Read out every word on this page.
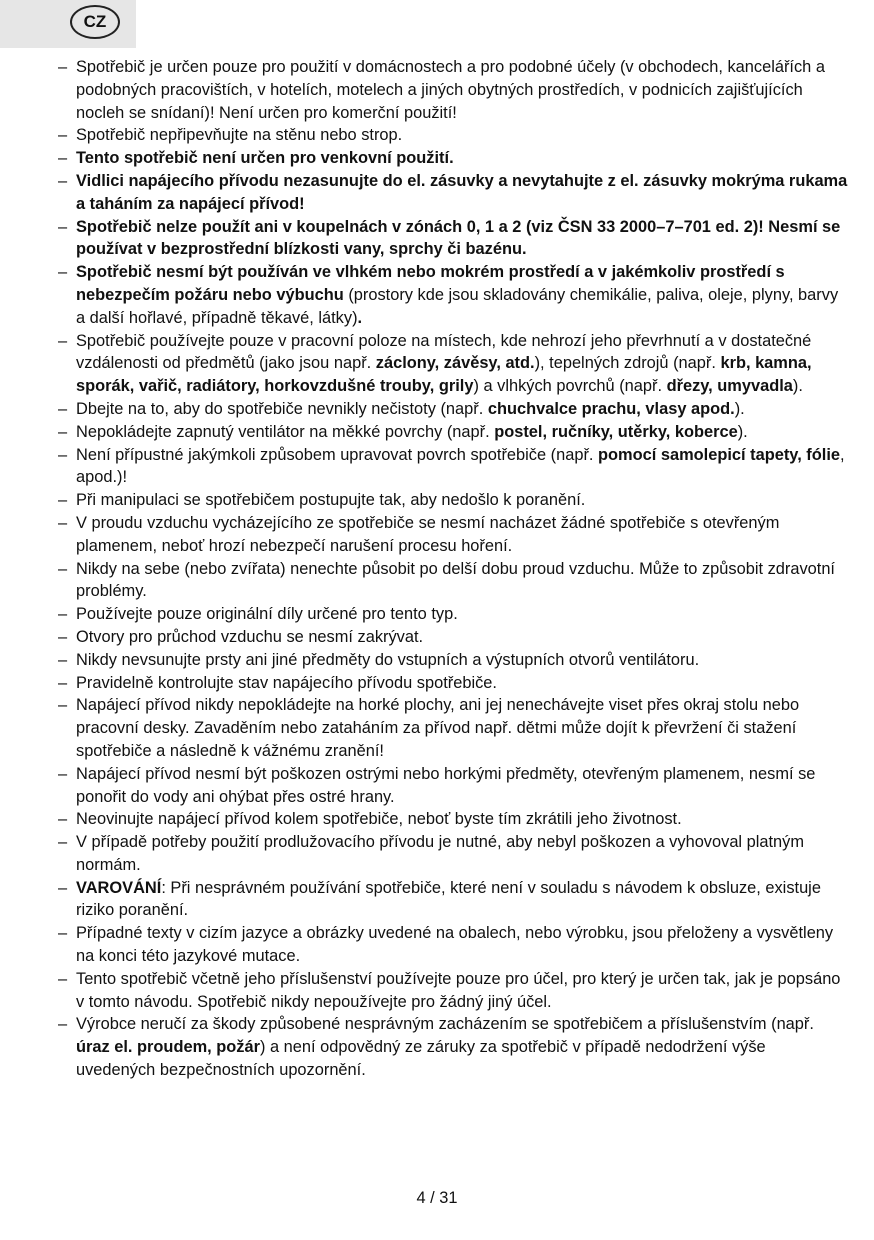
CZ
– Spotřebič je určen pouze pro použití v domácnostech a pro podobné účely (v obchodech, kancelářích a podobných pracovištích, v hotelích, motelech a jiných obytných prostředích, v podnicích zajišťujících nocleh se snídaní)! Není určen pro komerční použití!
– Spotřebič nepřipevňujte na stěnu nebo strop.
– Tento spotřebič není určen pro venkovní použití.
– Vidlici napájecího přívodu nezasunujte do el. zásuvky a nevytahujte z el. zásuvky mokrýma rukama a taháním za napájecí přívod!
– Spotřebič nelze použít ani v koupelnách v zónách 0, 1 a 2 (viz ČSN 33 2000–7–701 ed. 2)! Nesmí se používat v bezprostřední blízkosti vany, sprchy či bazénu.
– Spotřebič nesmí být používán ve vlhkém nebo mokrém prostředí a v jakémkoliv prostředí s nebezpečím požáru nebo výbuchu (prostory kde jsou skladovány chemikálie, paliva, oleje, plyny, barvy a další hořlavé, případně těkavé, látky).
– Spotřebič používejte pouze v pracovní poloze na místech, kde nehrozí jeho převrhnutí a v dostatečné vzdálenosti od předmětů (jako jsou např. záclony, závěsy, atd.), tepelných zdrojů (např. krb, kamna, sporák, vařič, radiátory, horkovzdušné trouby, grily) a vlhkých povrchů (např. dřezy, umyvadla).
– Dbejte na to, aby do spotřebiče nevnikly nečistoty (např. chuchvalce prachu, vlasy apod.).
– Nepokládejte zapnutý ventilátor na měkké povrchy (např. postel, ručníky, utěrky, koberce).
– Není přípustné jakýmkoli způsobem upravovat povrch spotřebiče (např. pomocí samolepicí tapety, fólie, apod.)!
– Při manipulaci se spotřebičem postupujte tak, aby nedošlo k poranění.
– V proudu vzduchu vycházejícího ze spotřebiče se nesmí nacházet žádné spotřebiče s otevřeným plamenem, neboť hrozí nebezpečí narušení procesu hoření.
– Nikdy na sebe (nebo zvířata) nenechte působit po delší dobu proud vzduchu. Může to způsobit zdravotní problémy.
– Používejte pouze originální díly určené pro tento typ.
– Otvory pro průchod vzduchu se nesmí zakrývat.
– Nikdy nevsunujte prsty ani jiné předměty do vstupních a výstupních otvorů ventilátoru.
– Pravidelně kontrolujte stav napájecího přívodu spotřebiče.
– Napájecí přívod nikdy nepokládejte na horké plochy, ani jej nenechávejte viset přes okraj stolu nebo pracovní desky. Zavaděním nebo zataháním za přívod např. dětmi může dojít k převržení či stažení spotřebiče a následně k vážnému zranění!
– Napájecí přívod nesmí být poškozen ostrými nebo horkými předměty, otevřeným plamenem, nesmí se ponořit do vody ani ohýbat přes ostré hrany.
– Neovinujte napájecí přívod kolem spotřebiče, neboť byste tím zkrátili jeho životnost.
– V případě potřeby použití prodlužovacího přívodu je nutné, aby nebyl poškozen a vyhovoval platným normám.
– VAROVÁNÍ: Při nesprávném používání spotřebiče, které není v souladu s návodem k obsluze, existuje riziko poranění.
– Případné texty v cizím jazyce a obrázky uvedené na obalech, nebo výrobku, jsou přeloženy a vysvětleny na konci této jazykové mutace.
– Tento spotřebič včetně jeho příslušenství používejte pouze pro účel, pro který je určen tak, jak je popsáno v tomto návodu. Spotřebič nikdy nepoužívejte pro žádný jiný účel.
– Výrobce neručí za škody způsobené nesprávným zacházením se spotřebičem a příslušenstvím (např. úraz el. proudem, požár) a není odpovědný ze záruky za spotřebič v případě nedodržení výše uvedených bezpečnostních upozornění.
4 / 31
